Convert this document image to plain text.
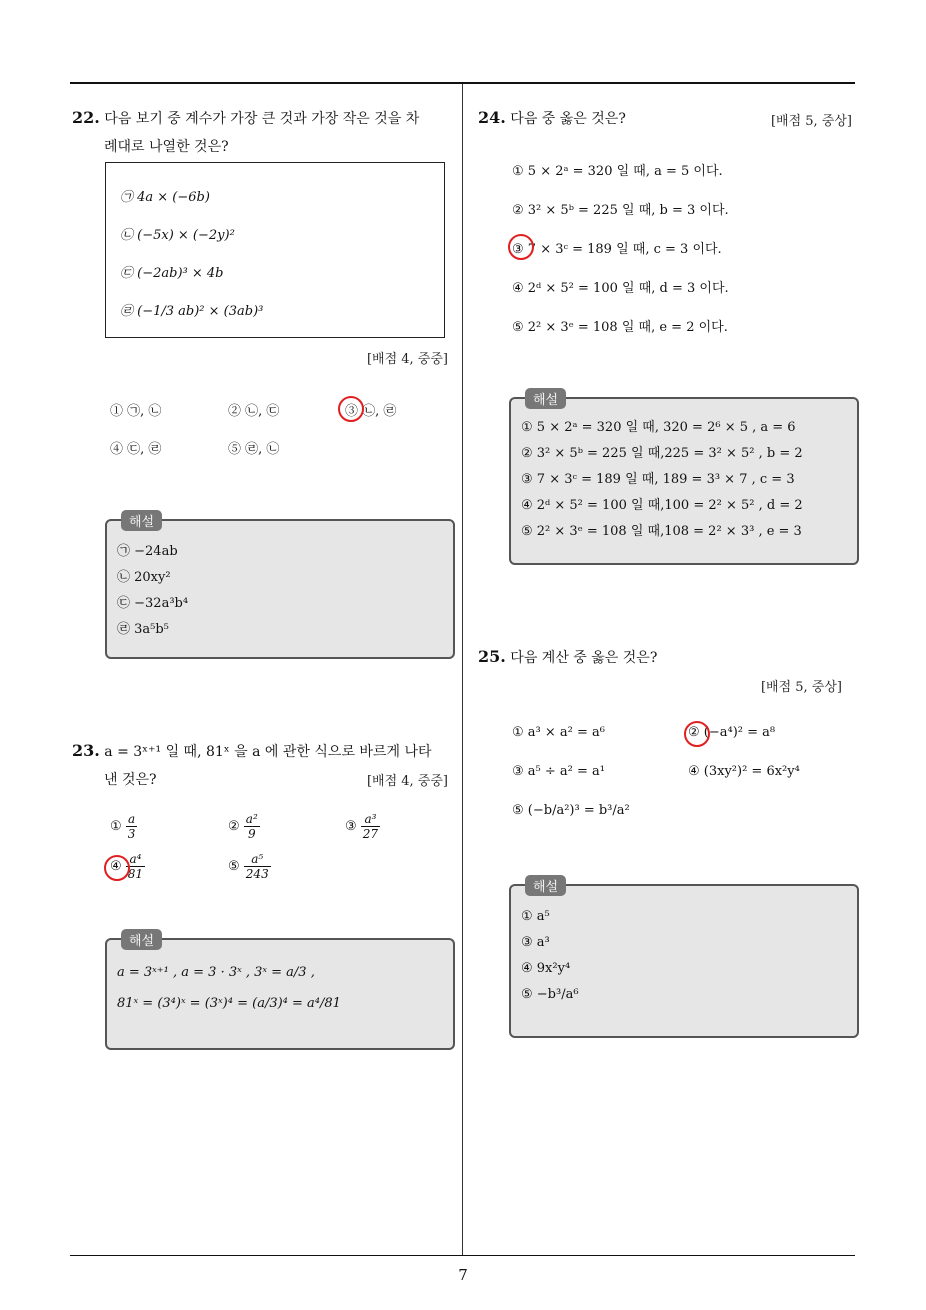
22. 다음 보기 중 계수가 가장 큰 것과 가장 작은 것을 차
례대로 나열한 것은?
㉠ 4a × (−6b)
㉡ (−5x) × (−2y)²
㉢ (−2ab)³ × 4b
㉣ (−1/3 ab)² × (3ab)³
[배점 4, 중중]
① ㉠, ㉡	② ㉡, ㉢	③ ㉡, ㉣
④ ㉢, ㉣	⑤ ㉣, ㉡
해설
㉠ −24ab
㉡ 20xy²
㉢ −32a³b⁴
㉣ 3a⁵b⁵
23. a = 3ˣ⁺¹ 일 때, 81ˣ 을 a 에 관한 식으로 바르게 나타
낸 것은?	[배점 4, 중중]
① $\frac{a}{3}$	② $\frac{\text{a²}}{9}$	③ $\frac{\text{a³}}{27}$
④ $\frac{\text{a⁴}}{81}$	⑤ $\frac{\text{a⁵}}{243}$
해설
a = 3ˣ⁺¹ , a = 3 · 3ˣ , 3ˣ = a/3 ,
81ˣ = (3⁴)ˣ = (3ˣ)⁴ = (a/3)⁴ = a⁴/81
24. 다음 중 옳은 것은?	[배점 5, 중상]
① 5 × 2ᵃ = 320 일 때, a = 5 이다.
② 3² × 5ᵇ = 225 일 때, b = 3 이다.
③ 7 × 3ᶜ = 189 일 때, c = 3 이다.
④ 2ᵈ × 5² = 100 일 때, d = 3 이다.
⑤ 2² × 3ᵉ = 108 일 때, e = 2 이다.
해설
① 5 × 2ᵃ = 320 일 때, 320 = 2⁶ × 5 , a = 6
② 3² × 5ᵇ = 225 일 때,225 = 3² × 5² , b = 2
③ 7 × 3ᶜ = 189 일 때, 189 = 3³ × 7 , c = 3
④ 2ᵈ × 5² = 100 일 때,100 = 2² × 5² , d = 2
⑤ 2² × 3ᵉ = 108 일 때,108 = 2² × 3³ , e = 3
25. 다음 계산 중 옳은 것은?
[배점 5, 중상]
① a³ × a² = a⁶	② (−a⁴)² = a⁸
③ a⁵ ÷ a² = a¹	④ (3xy²)² = 6x²y⁴
⑤ (−b/a²)³ = b³/a²
해설
① a⁵
③ a³
④ 9x²y⁴
⑤ −b³/a⁶
7
